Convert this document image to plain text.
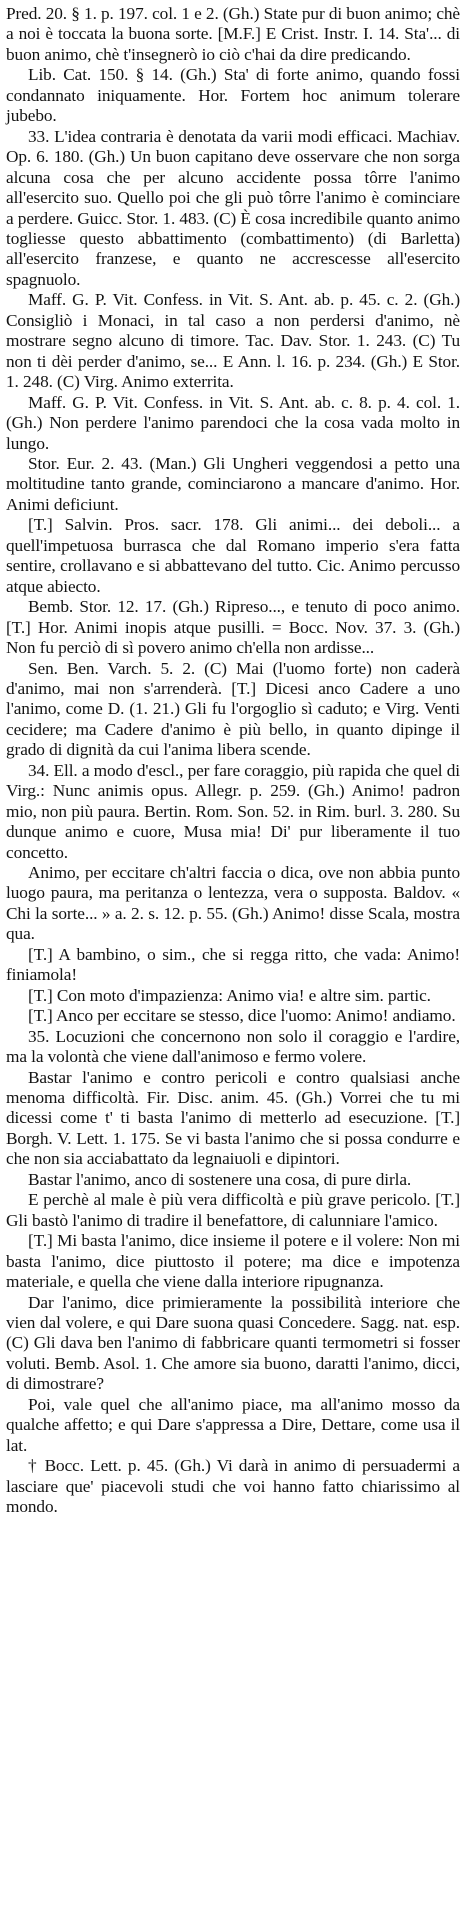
Pred. 20. § 1. p. 197. col. 1 e 2. (Gh.) State pur di buon animo; chè a noi è toccata la buona sorte. [M.F.] E Crist. Instr. I. 14. Sta'... di buon animo, chè t'insegnerò io ciò c'hai da dire predicando.

Lib. Cat. 150. § 14. (Gh.) Sta' di forte animo, quando fossi condannato iniquamente. Hor. Fortem hoc animum tolerare jubebo.

33. L'idea contraria è denotata da varii modi efficaci. Machiav. Op. 6. 180. (Gh.) Un buon capitano deve osservare che non sorga alcuna cosa che per alcuno accidente possa tôrre l'animo all'esercito suo. Quello poi che gli può tôrre l'animo è cominciare a perdere. Guicc. Stor. 1. 483. (C) È cosa incredibile quanto animo togliesse questo abbattimento (combattimento) (di Barletta) all'esercito franzese, e quanto ne accrescesse all'esercito spagnuolo.

Maff. G. P. Vit. Confess. in Vit. S. Ant. ab. p. 45. c. 2. (Gh.) Consigliò i Monaci, in tal caso a non perdersi d'animo, nè mostrare segno alcuno di timore. Tac. Dav. Stor. 1. 243. (C) Tu non ti dèi perder d'animo, se... E Ann. l. 16. p. 234. (Gh.) E Stor. 1. 248. (C) Virg. Animo exterrita.

Maff. G. P. Vit. Confess. in Vit. S. Ant. ab. c. 8. p. 4. col. 1. (Gh.) Non perdere l'animo parendoci che la cosa vada molto in lungo.

Stor. Eur. 2. 43. (Man.) Gli Ungheri veggendosi a petto una moltitudine tanto grande, cominciarono a mancare d'animo. Hor. Animi deficiunt.

[T.] Salvin. Pros. sacr. 178. Gli animi... dei deboli... a quell'impetuosa burrasca che dal Romano imperio s'era fatta sentire, crollavano e si abbattevano del tutto. Cic. Animo percusso atque abiecto.

Bemb. Stor. 12. 17. (Gh.) Ripreso..., e tenuto di poco animo. [T.] Hor. Animi inopis atque pusilli. = Bocc. Nov. 37. 3. (Gh.) Non fu perciò di sì povero animo ch'ella non ardisse...

Sen. Ben. Varch. 5. 2. (C) Mai (l'uomo forte) non caderà d'animo, mai non s'arrenderà. [T.] Dicesi anco Cadere a uno l'animo, come D. (1. 21.) Gli fu l'orgoglio sì caduto; e Virg. Venti cecidere; ma Cadere d'animo è più bello, in quanto dipinge il grado di dignità da cui l'anima libera scende.

34. Ell. a modo d'escl., per fare coraggio, più rapida che quel di Virg.: Nunc animis opus. Allegr. p. 259. (Gh.) Animo! padron mio, non più paura. Bertin. Rom. Son. 52. in Rim. burl. 3. 280. Su dunque animo e cuore, Musa mia! Di' pur liberamente il tuo concetto.

Animo, per eccitare ch'altri faccia o dica, ove non abbia punto luogo paura, ma peritanza o lentezza, vera o supposta. Baldov. « Chi la sorte... » a. 2. s. 12. p. 55. (Gh.) Animo! disse Scala, mostra qua.

[T.] A bambino, o sim., che si regga ritto, che vada: Animo! finiamola!

[T.] Con moto d'impazienza: Animo via! e altre sim. partic.

[T.] Anco per eccitare se stesso, dice l'uomo: Animo! andiamo.

35. Locuzioni che concernono non solo il coraggio e l'ardire, ma la volontà che viene dall'animoso e fermo volere.

Bastar l'animo e contro pericoli e contro qualsiasi anche menoma difficoltà. Fir. Disc. anim. 45. (Gh.) Vorrei che tu mi dicessi come t' ti basta l'animo di metterlo ad esecuzione. [T.] Borgh. V. Lett. 1. 175. Se vi basta l'animo che si possa condurre e che non sia acciabattato da legnaiuoli e dipintori.

Bastar l'animo, anco di sostenere una cosa, di pure dirla.

E perchè al male è più vera difficoltà e più grave pericolo. [T.] Gli bastò l'animo di tradire il benefattore, di calunniare l'amico.

[T.] Mi basta l'animo, dice insieme il potere e il volere: Non mi basta l'animo, dice piuttosto il potere; ma dice e impotenza materiale, e quella che viene dalla interiore ripugnanza.

Dar l'animo, dice primieramente la possibilità interiore che vien dal volere, e qui Dare suona quasi Concedere. Sagg. nat. esp. (C) Gli dava ben l'animo di fabbricare quanti termometri si fosser voluti. Bemb. Asol. 1. Che amore sia buono, daratti l'animo, dicci, di dimostrare?

Poi, vale quel che all'animo piace, ma all'animo mosso da qualche affetto; e qui Dare s'appressa a Dire, Dettare, come usa il lat.

† Bocc. Lett. p. 45. (Gh.) Vi darà in animo di persuadermi a lasciare que' piacevoli studi che voi hanno fatto chiarissimo al mondo.
